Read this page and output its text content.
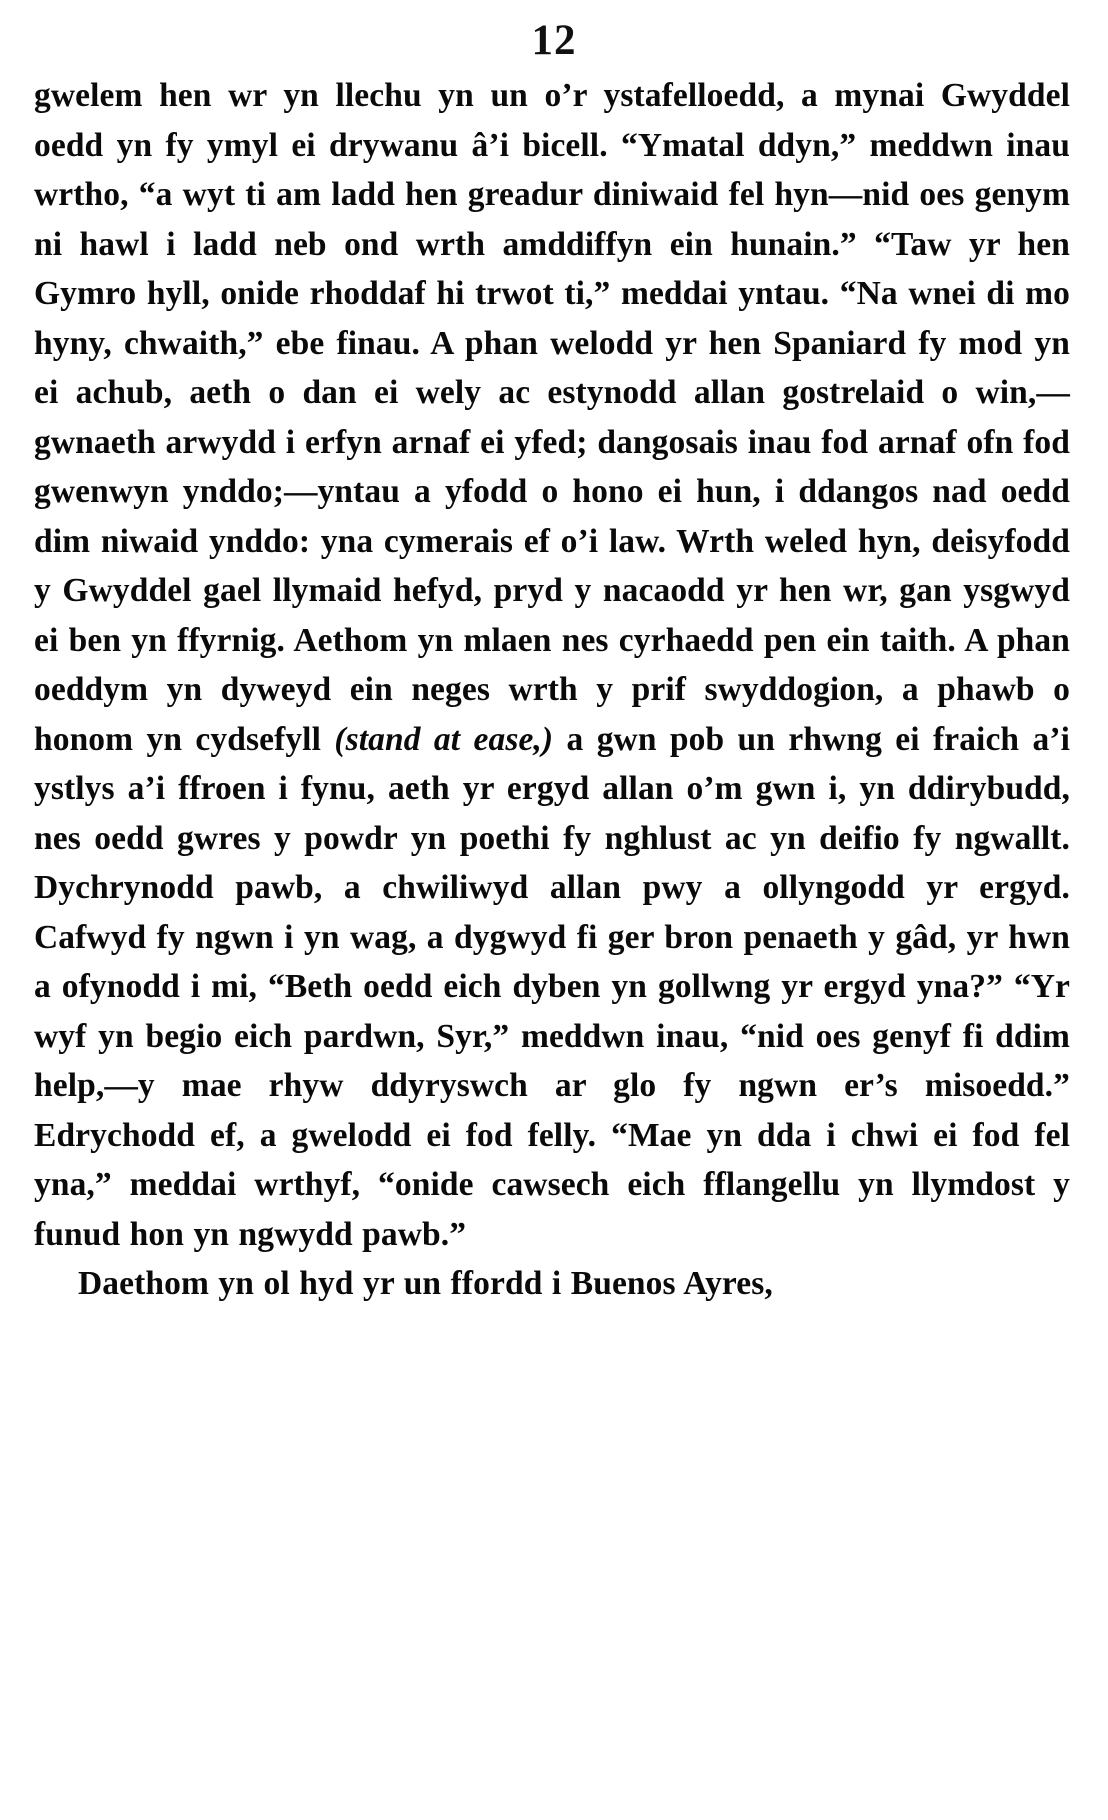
12

gwelem hen wr yn llechu yn un o’r ystafelloedd, a mynai Gwyddel oedd yn fy ymyl ei drywanu â’i bicell. “Ymatal ddyn,” meddwn inau wrtho, “a wyt ti am ladd hen greadur diniwaid fel hyn—nid oes genym ni hawl i ladd neb ond wrth amddiffyn ein hunain.” “Taw yr hen Gymro hyll, onide rhoddaf hi trwot ti,” meddai yntau. “Na wnei di mo hyny, chwaith,” ebe finau. A phan welodd yr hen Spaniard fy mod yn ei achub, aeth o dan ei wely ac estynodd allan gostrelaid o win,—gwnaeth arwydd i erfyn arnaf ei yfed; dangosais inau fod arnaf ofn fod gwenwyn ynddo;—yntau a yfodd o hono ei hun, i ddangos nad oedd dim niwaid ynddo: yna cymerais ef o’i law. Wrth weled hyn, deisyfodd y Gwyddel gael llymaid hefyd, pryd y nacaodd yr hen wr, gan ysgwyd ei ben yn ffyrnig. Aethom yn mlaen nes cyrhaedd pen ein taith. A phan oeddym yn dyweyd ein neges wrth y prif swyddogion, a phawb o honom yn cydsefyll (stand at ease,) a gwn pob un rhwng ei fraich a’i ystlys a’i ffroen i fynu, aeth yr ergyd allan o’m gwn i, yn ddirybudd, nes oedd gwres y powdr yn poethi fy nghlust ac yn deifio fy ngwallt. Dychrynodd pawb, a chwiliwyd allan pwy a ollyngodd yr ergyd. Cafwyd fy ngwn i yn wag, a dygwyd fi ger bron penaeth y gâd, yr hwn a ofynodd i mi, “Beth oedd eich dyben yn gollwng yr ergyd yna?” “Yr wyf yn begio eich pardwn, Syr,” meddwn inau, “nid oes genyf fi ddim help,—y mae rhyw ddyryswch ar glo fy ngwn er’s misoedd.” Edrychodd ef, a gwelodd ei fod felly. “Mae yn dda i chwi ei fod fel yna,” meddai wrthyf, “onide cawsech eich fflangellu yn llymdost y funud hon yn ngwydd pawb.”

Daethom yn ol hyd yr un ffordd i Buenos Ayres,
